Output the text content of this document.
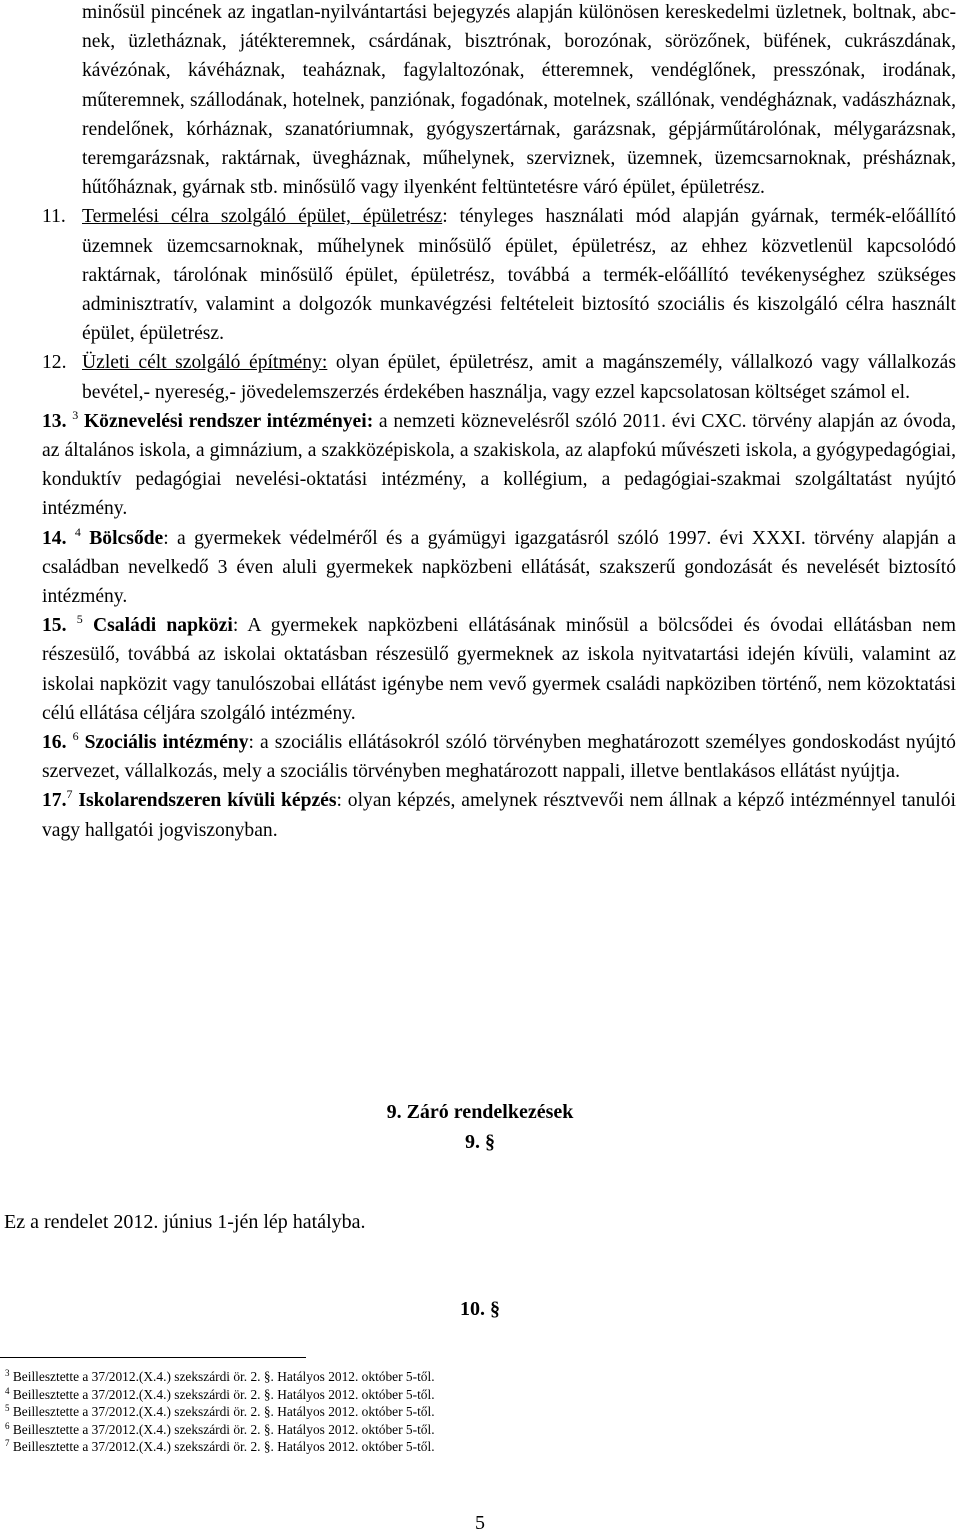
minősül pincének az ingatlan-nyilvántartási bejegyzés alapján különösen kereskedelmi üzletnek, boltnak, abc-nek, üzletháznak, játékteremnek, csárdának, bisztrónak, borozónak, sörözőnek, büfének, cukrászdának, kávézónak, kávéháznak, teaháznak, fagylaltozónak, étteremnek, vendéglőnek, presszónak, irodának, műteremnek, szállodának, hotelnek, panziónak, fogadónak, motelnek, szállónak, vendégháznak, vadászháznak, rendelőnek, kórháznak, szanatóriumnak, gyógyszertárnak, garázsnak, gépjárműtárolónak, mélygarázsnak, teremgarázsnak, raktárnak, üvegháznak, műhelynek, szerviznek, üzemnek, üzemcsarnoknak, présháznak, hűtőháznak, gyárnak stb. minősülő vagy ilyenként feltüntetésre váró épület, épületrész.

11. Termelési célra szolgáló épület, épületrész: tényleges használati mód alapján gyárnak, termék-előállító üzemnek üzemcsarnoknak, műhelynek minősülő épület, épületrész, az ehhez közvetlenül kapcsolódó raktárnak, tárolónak minősülő épület, épületrész, továbbá a termék-előállító tevékenységhez szükséges adminisztratív, valamint a dolgozók munkavégzési feltételeit biztosító szociális és kiszolgáló célra használt épület, épületrész.

12. Üzleti célt szolgáló építmény: olyan épület, épületrész, amit a magánszemély, vállalkozó vagy vállalkozás bevétel,- nyereség,- jövedelemszerzés érdekében használja, vagy ezzel kapcsolatosan költséget számol el.

13. $^3$ Köznevelési rendszer intézményei: a nemzeti köznevelésről szóló 2011. évi CXC. törvény alapján az óvoda, az általános iskola, a gimnázium, a szakközépiskola, a szakiskola, az alapfokú művészeti iskola, a gyógypedagógiai, konduktív pedagógiai nevelési-oktatási intézmény, a kollégium, a pedagógiai-szakmai szolgáltatást nyújtó intézmény.

14. $^4$ Bölcsőde: a gyermekek védelméről és a gyámügyi igazgatásról szóló 1997. évi XXXI. törvény alapján a családban nevelkedő 3 éven aluli gyermekek napközbeni ellátását, szakszerű gondozását és nevelését biztosító intézmény.

15. $^5$ Családi napközi: A gyermekek napközbeni ellátásának minősül a bölcsődei és óvodai ellátásban nem részesülő, továbbá az iskolai oktatásban részesülő gyermeknek az iskola nyitvatartási idején kívüli, valamint az iskolai napközit vagy tanulószobai ellátást igénybe nem vevő gyermek családi napköziben történő, nem közoktatási célú ellátása céljára szolgáló intézmény.

16. $^6$ Szociális intézmény: a szociális ellátásokról szóló törvényben meghatározott személyes gondoskodást nyújtó szervezet, vállalkozás, mely a szociális törvényben meghatározott nappali, illetve bentlakásos ellátást nyújtja.

17.$^7$ Iskolarendszeren kívüli képzés: olyan képzés, amelynek résztvevői nem állnak a képző intézménnyel tanulói vagy hallgatói jogviszonyban.

9. Záró rendelkezések
9. §
Ez a rendelet 2012. június 1-jén lép hatályba.
10. §
$^3$ Beillesztette a 37/2012.(X.4.) szekszárdi ör. 2. §. Hatályos 2012. október 5-től.
$^4$ Beillesztette a 37/2012.(X.4.) szekszárdi ör. 2. §. Hatályos 2012. október 5-től.
$^5$ Beillesztette a 37/2012.(X.4.) szekszárdi ör. 2. §. Hatályos 2012. október 5-től.
$^6$ Beillesztette a 37/2012.(X.4.) szekszárdi ör. 2. §. Hatályos 2012. október 5-től.
$^7$ Beillesztette a 37/2012.(X.4.) szekszárdi ör. 2. §. Hatályos 2012. október 5-től.
5
